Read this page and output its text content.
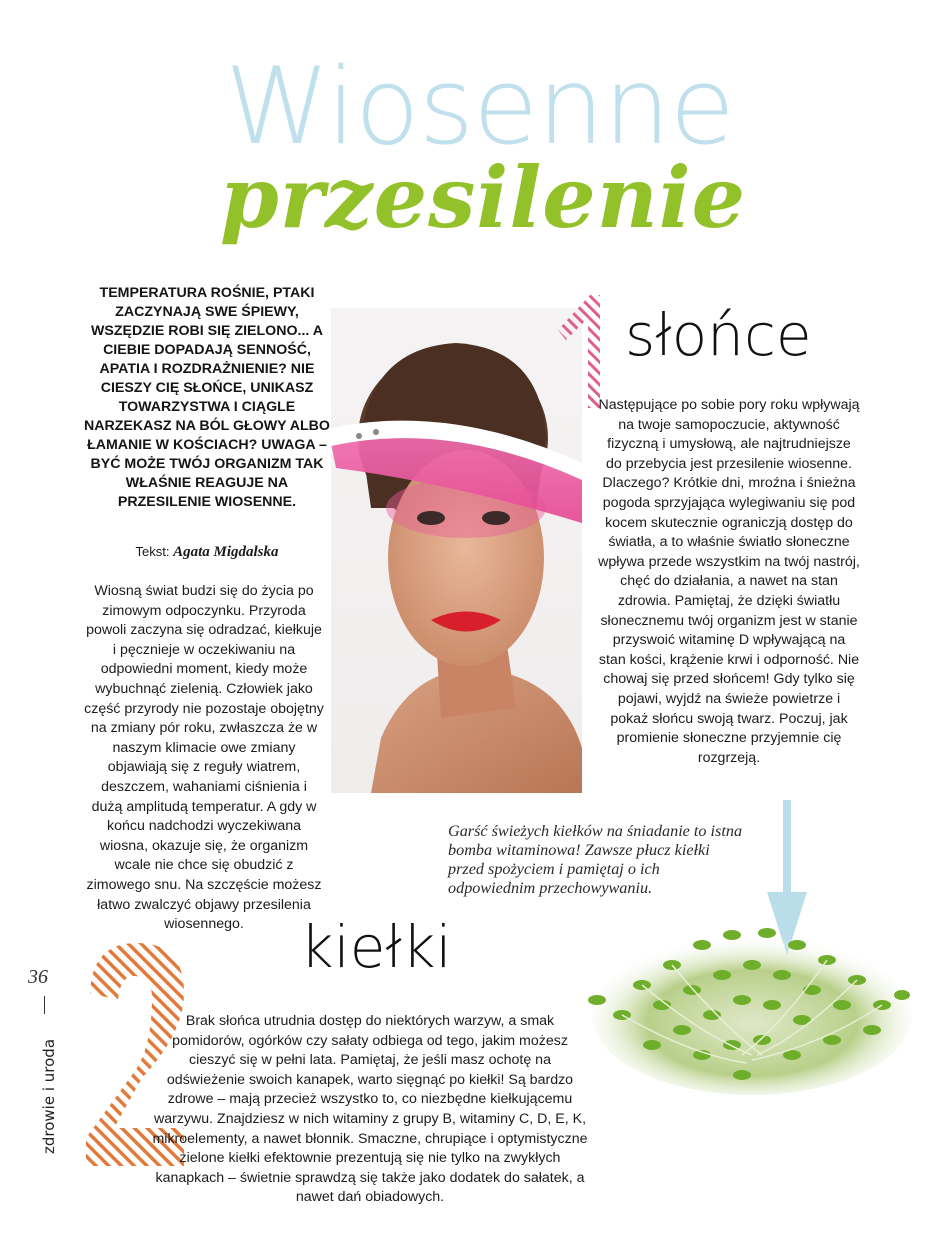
Wiosenne
przesilenie
TEMPERATURA ROŚNIE, PTAKI ZACZYNAJĄ SWE ŚPIEWY, WSZĘDZIE ROBI SIĘ ZIELONO... A CIEBIE DOPADAJĄ SENNOŚĆ, APATIA I ROZDRAŻNIENIE? NIE CIESZY CIĘ SŁOŃCE, UNIKASZ TOWARZYSTWA I CIĄGLE NARZEKASZ NA BÓL GŁOWY ALBO ŁAMANIE W KOŚCIACH? UWAGA – BYĆ MOŻE TWÓJ ORGANIZM TAK WŁAŚNIE REAGUJE NA PRZESILENIE WIOSENNE.
Tekst: Agata Migdalska
Wiosną świat budzi się do życia po zimowym odpoczynku. Przyroda powoli zaczyna się odradzać, kiełkuje i pęcznieje w oczekiwaniu na odpowiedni moment, kiedy może wybuchnąć zielenią. Człowiek jako część przyrody nie pozostaje obojętny na zmiany pór roku, zwłaszcza że w naszym klimacie owe zmiany objawiają się z reguły wiatrem, deszczem, wahaniami ciśnienia i dużą amplitudą temperatur. A gdy w końcu nadchodzi wyczekiwana wiosna, okazuje się, że organizm wcale nie chce się obudzić z zimowego snu. Na szczęście możesz łatwo zwalczyć objawy przesilenia wiosennego.
słońce
Następujące po sobie pory roku wpływają na twoje samopoczucie, aktywność fizyczną i umysłową, ale najtrudniejsze do przebycia jest przesilenie wiosenne. Dlaczego? Krótkie dni, mroźna i śnieżna pogoda sprzyjająca wylegiwaniu się pod kocem skutecznie ograniczją dostęp do światła, a to właśnie światło słoneczne wpływa przede wszystkim na twój nastrój, chęć do działania, a nawet na stan zdrowia. Pamiętaj, że dzięki światłu słonecznemu twój organizm jest w stanie przyswoić witaminę D wpływającą na stan kości, krążenie krwi i odporność. Nie chowaj się przed słońcem! Gdy tylko się pojawi, wyjdź na świeże powietrze i pokaż słońcu swoją twarz. Poczuj, jak promienie słoneczne przyjemnie cię rozgrzeją.
Garść świeżych kiełków na śniadanie to istna bomba witaminowa! Zawsze płucz kiełki przed spożyciem i pamiętaj o ich odpowiednim przechowywaniu.
kiełki
Brak słońca utrudnia dostęp do niektórych warzyw, a smak pomidorów, ogórków czy sałaty odbiega od tego, jakim możesz cieszyć się w pełni lata. Pamiętaj, że jeśli masz ochotę na odświeżenie swoich kanapek, warto sięgnąć po kiełki! Są bardzo zdrowe – mają przecież wszystko to, co niezbędne kiełkującemu warzywu. Znajdziesz w nich witaminy z grupy B, witaminy C, D, E, K, mikroelementy, a nawet błonnik. Smaczne, chrupiące i optymistyczne zielone kiełki efektownie prezentują się nie tylko na zwykłych kanapkach – świetnie sprawdzą się także jako dodatek do sałatek, a nawet dań obiadowych.
36
zdrowie i uroda
